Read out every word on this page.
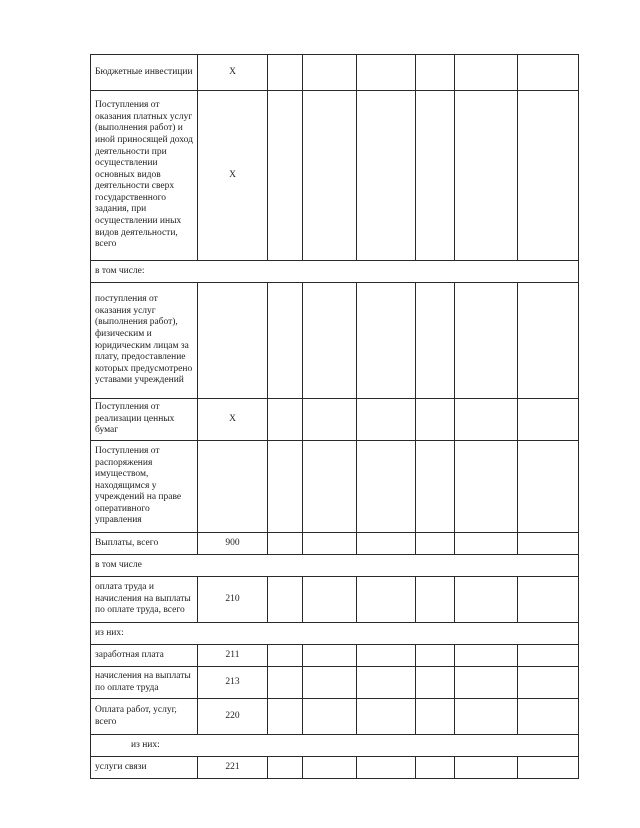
Бюджетные инвестиции	X						
Поступления от оказания платных услуг (выполнения работ) и иной приносящей доход деятельности при осуществлении основных видов деятельности сверх государственного задания, при осуществлении иных видов деятельности, всего	X						
в том числе:							
поступления от оказания услуг (выполнения работ), физическим и юридическим лицам за плату, предоставление которых предусмотрено уставами учреждений							
Поступления от реализации ценных бумаг	X						
Поступления от распоряжения имуществом, находящимся у учреждений на праве оперативного управления							
Выплаты, всего	900						
в том числе							
оплата труда и начисления на выплаты по оплате труда, всего	210						
из них:							
заработная плата	211						
начисления на выплаты по оплате труда	213						
Оплата работ, услуг, всего	220						
из них:							
услуги связи	221						
